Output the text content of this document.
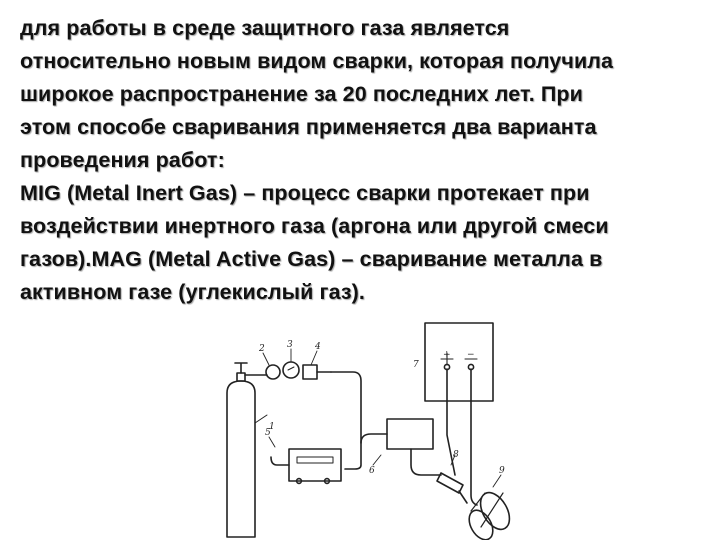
для работы в среде защитного газа является
относительно новым видом сварки, которая получила
широкое распространение за 20 последних лет. При
этом способе сваривания применяется два варианта
проведения работ:
MIG (Metal Inert Gas) – процесс сварки протекает при
воздействии инертного газа (аргона или другой смеси
газов).MAG (Metal Active Gas) – сваривание металла в
активном газе (углекислый газ).
1
2 3 4
5
6
7
8
9
+ −
